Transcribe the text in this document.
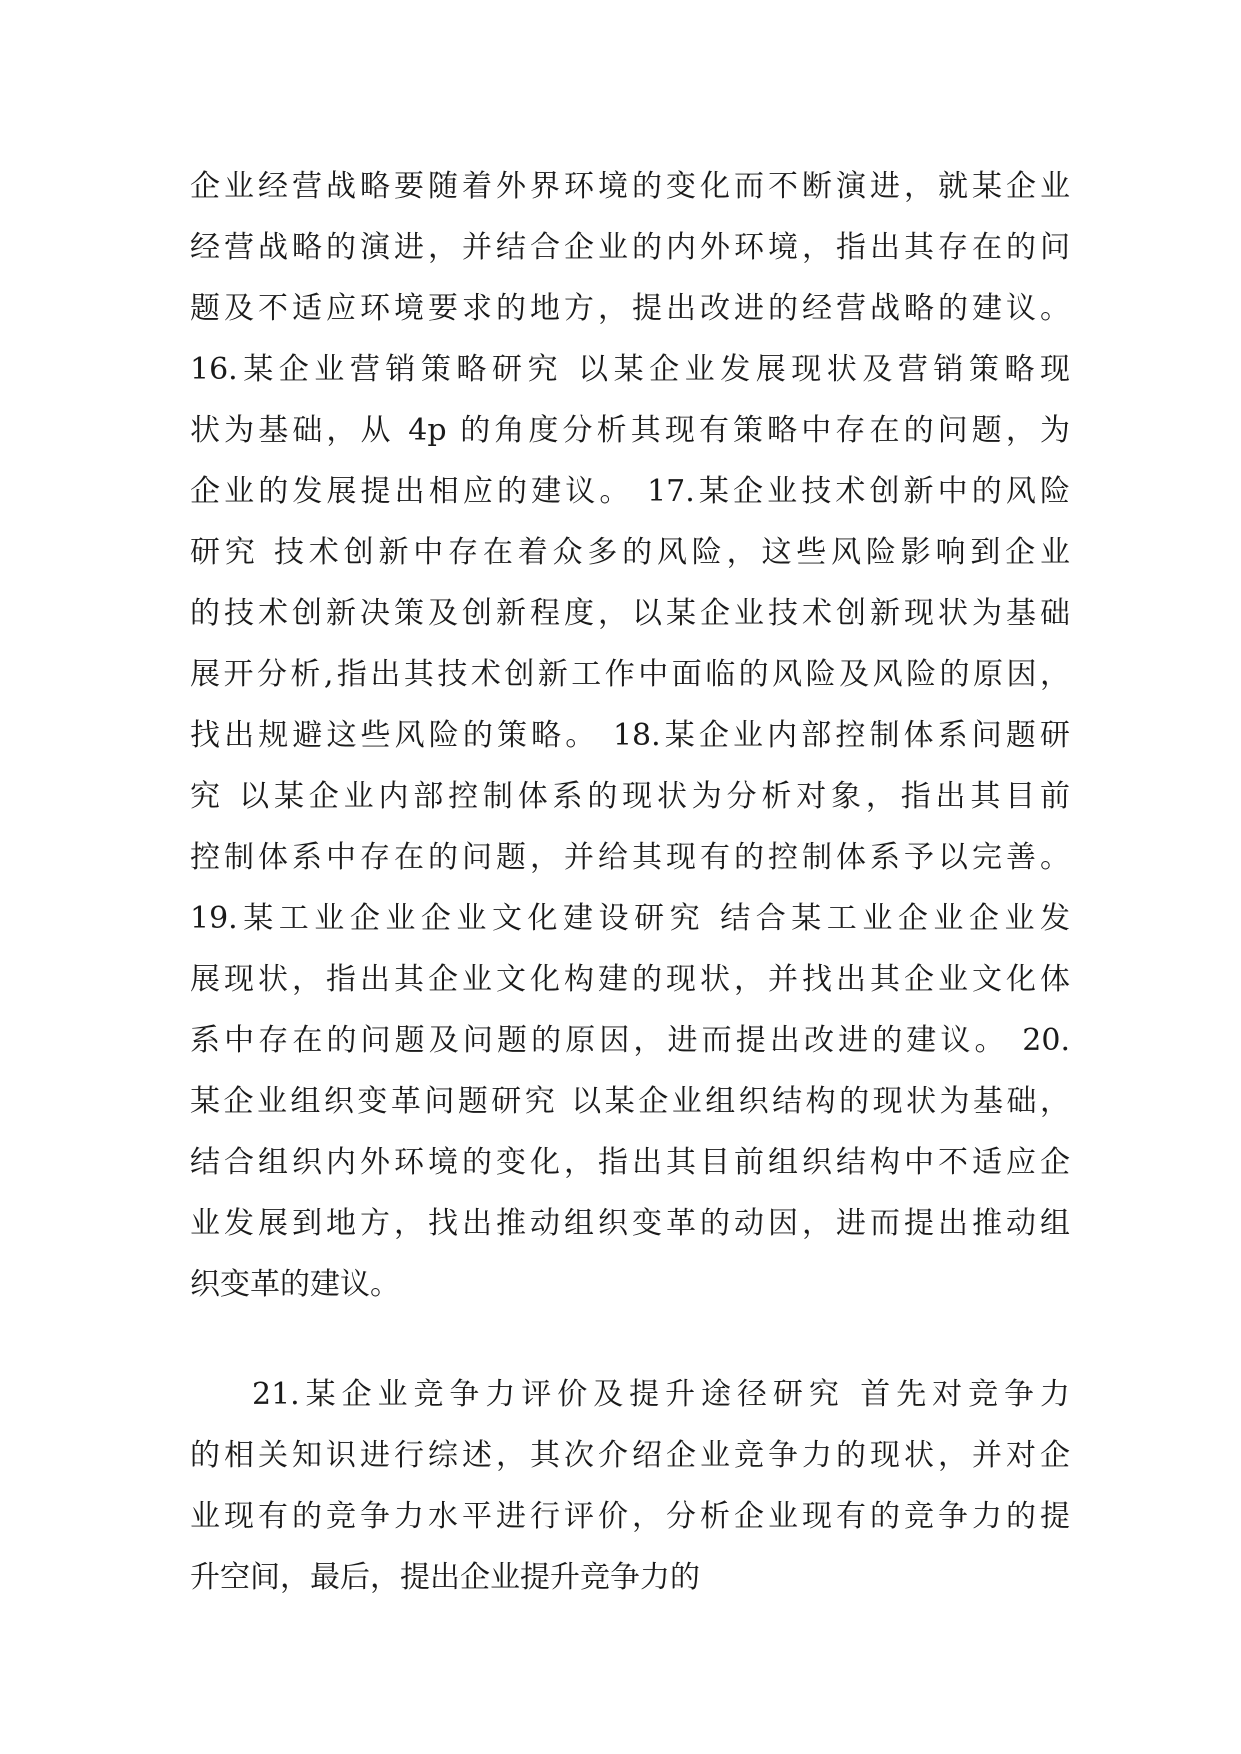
企业经营战略要随着外界环境的变化而不断演进，就某企业
经营战略的演进，并结合企业的内外环境，指出其存在的问
题及不适应环境要求的地方，提出改进的经营战略的建议。
16.某企业营销策略研究 以某企业发展现状及营销策略现
状为基础，从 4p 的角度分析其现有策略中存在的问题，为
企业的发展提出相应的建议。 17.某企业技术创新中的风险
研究 技术创新中存在着众多的风险，这些风险影响到企业
的技术创新决策及创新程度，以某企业技术创新现状为基础
展开分析,指出其技术创新工作中面临的风险及风险的原因，
找出规避这些风险的策略。 18.某企业内部控制体系问题研
究 以某企业内部控制体系的现状为分析对象，指出其目前
控制体系中存在的问题，并给其现有的控制体系予以完善。
19.某工业企业企业文化建设研究 结合某工业企业企业发
展现状，指出其企业文化构建的现状，并找出其企业文化体
系中存在的问题及问题的原因，进而提出改进的建议。 20.
某企业组织变革问题研究 以某企业组织结构的现状为基础，
结合组织内外环境的变化，指出其目前组织结构中不适应企
业发展到地方，找出推动组织变革的动因，进而提出推动组
织变革的建议。
21.某企业竞争力评价及提升途径研究 首先对竞争力
的相关知识进行综述，其次介绍企业竞争力的现状，并对企
业现有的竞争力水平进行评价，分析企业现有的竞争力的提
升空间，最后，提出企业提升竞争力的
